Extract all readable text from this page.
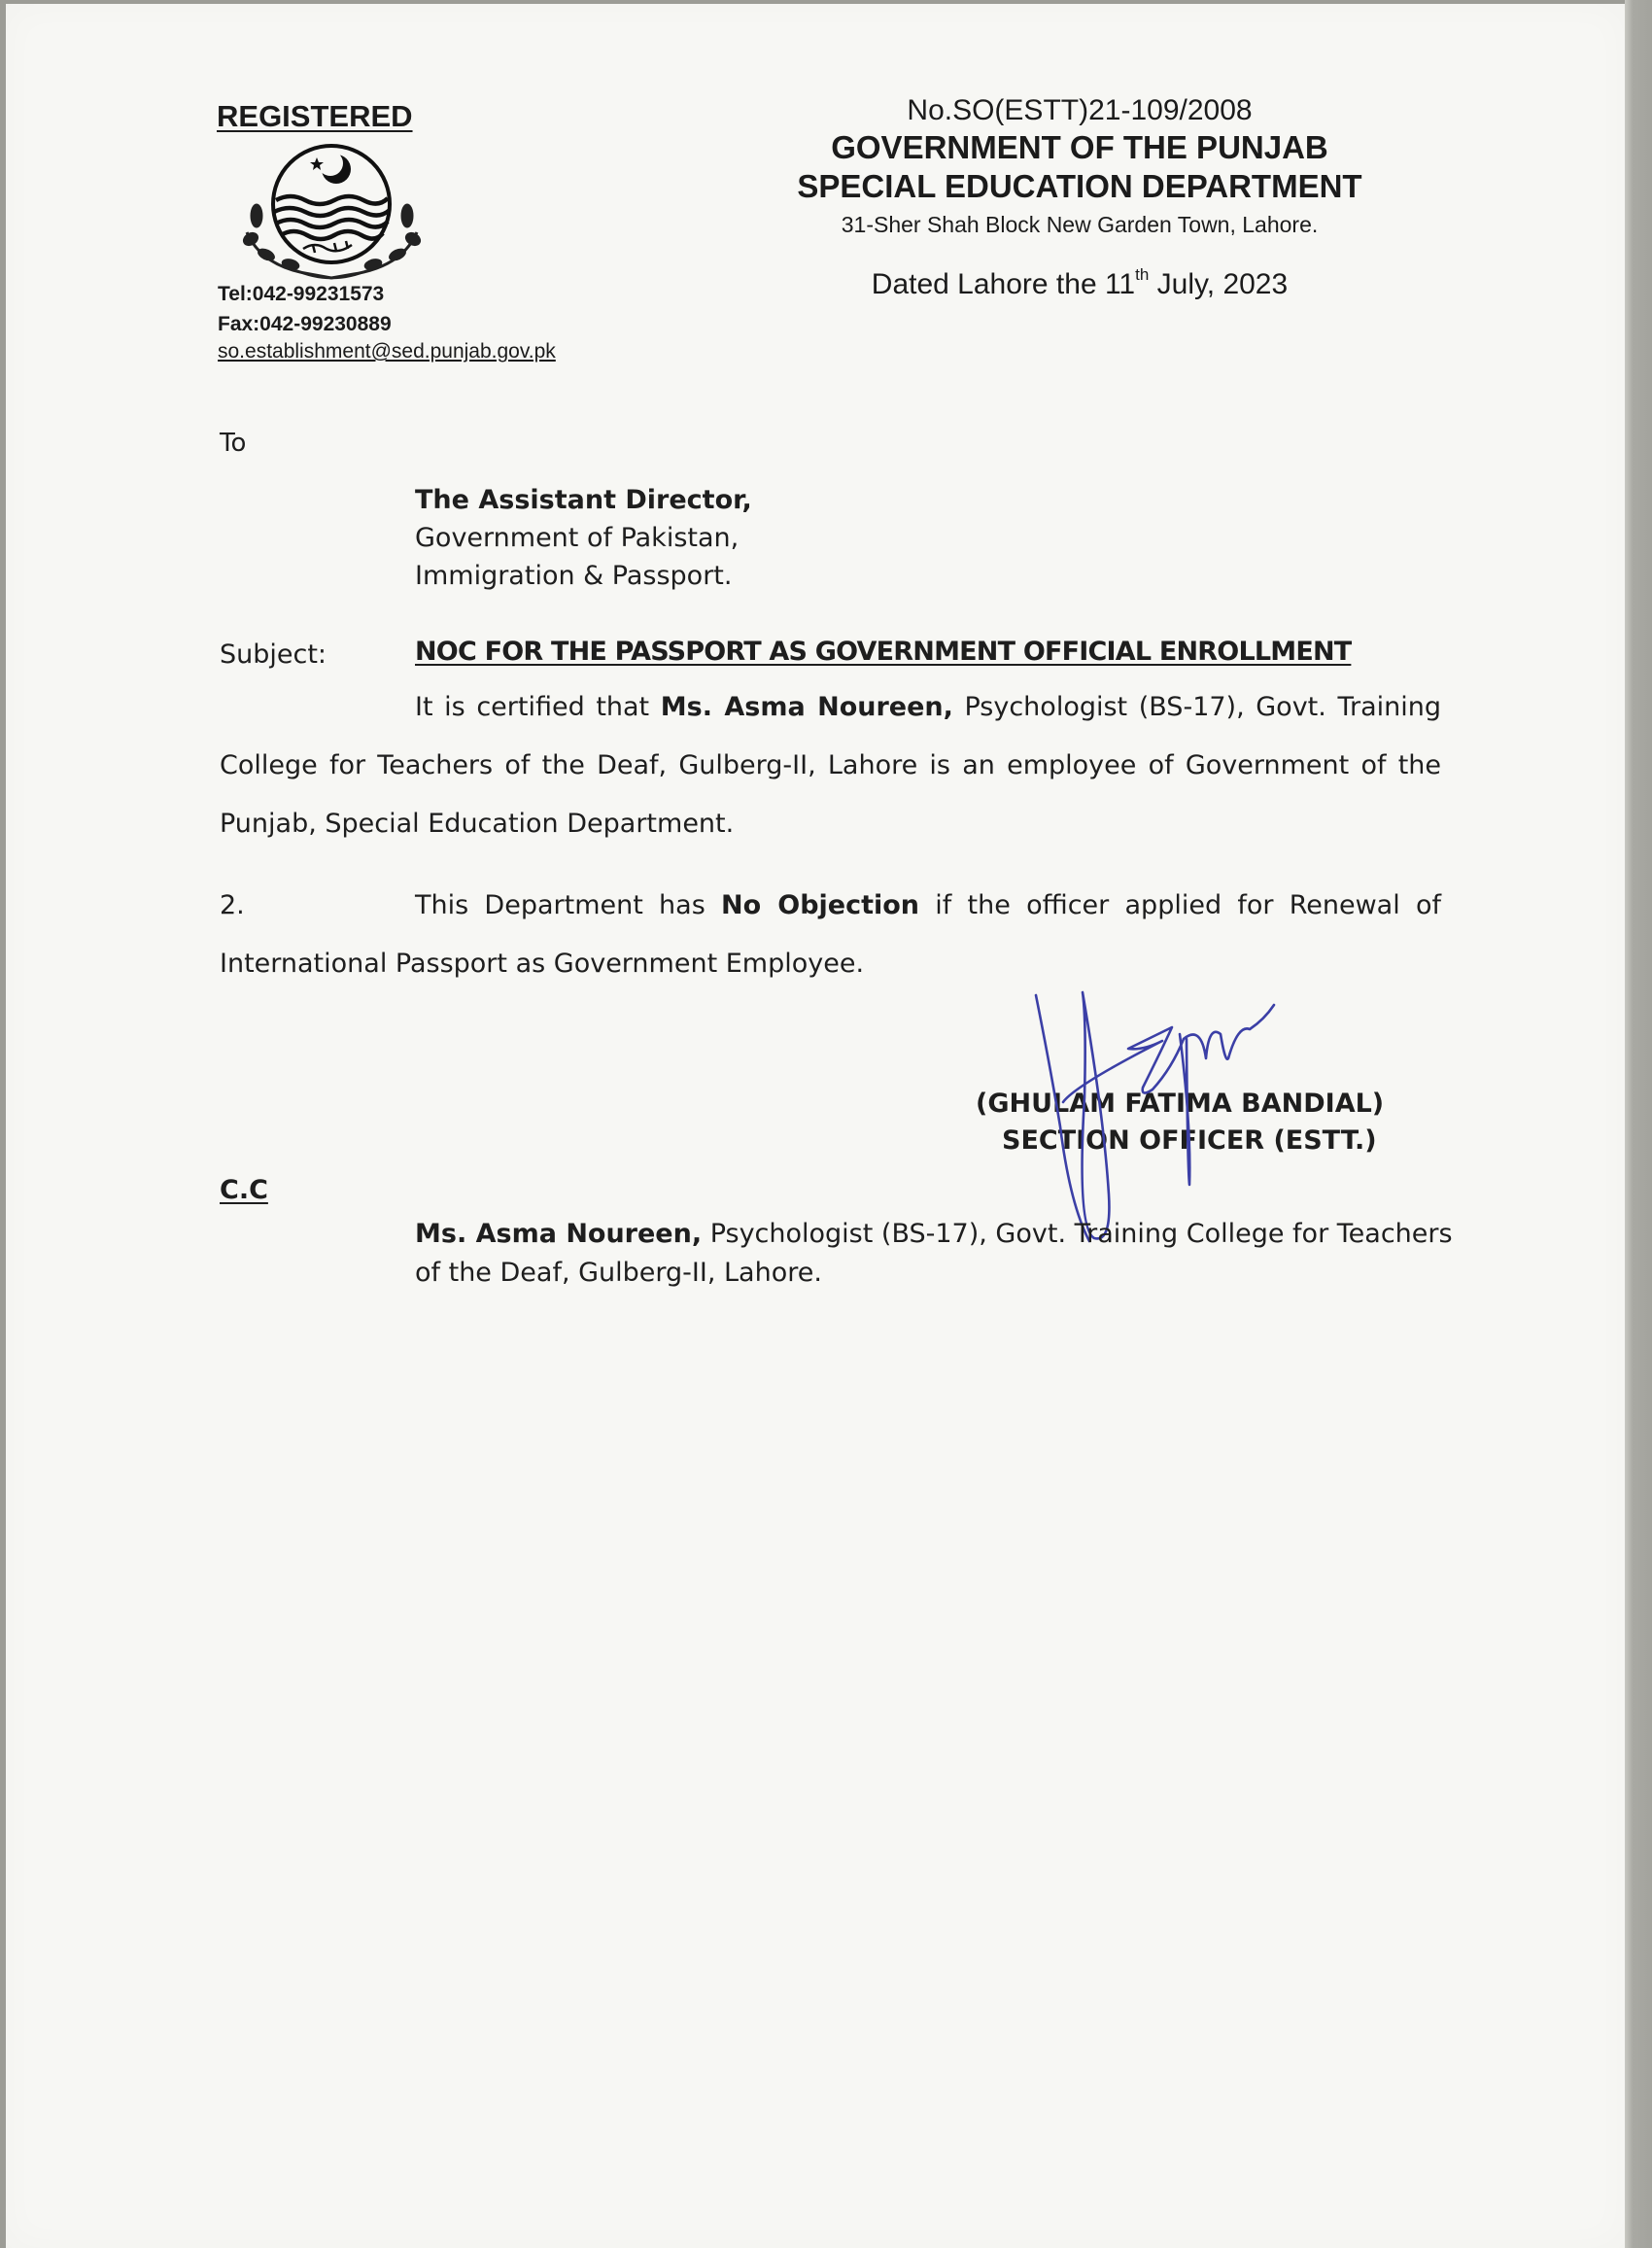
REGISTERED
Tel:042-99231573
Fax:042-99230889
so.establishment@sed.punjab.gov.pk
No.SO(ESTT)21-109/2008
GOVERNMENT OF THE PUNJAB
SPECIAL EDUCATION DEPARTMENT
31-Sher Shah Block New Garden Town, Lahore.
Dated Lahore the 11th July, 2023
To
The Assistant Director,
Government of Pakistan,
Immigration & Passport.
Subject:	NOC FOR THE PASSPORT AS GOVERNMENT OFFICIAL ENROLLMENT
It is certified that Ms. Asma Noureen, Psychologist (BS-17), Govt. Training
College for Teachers of the Deaf, Gulberg-II, Lahore is an employee of Government of the
Punjab, Special Education Department.
2.	This Department has No Objection if the officer applied for Renewal of
International Passport as Government Employee.
(GHULAM FATIMA BANDIAL)
SECTION OFFICER (ESTT.)
C.C
Ms. Asma Noureen, Psychologist (BS-17), Govt. Training College for Teachers
of the Deaf, Gulberg-II, Lahore.
